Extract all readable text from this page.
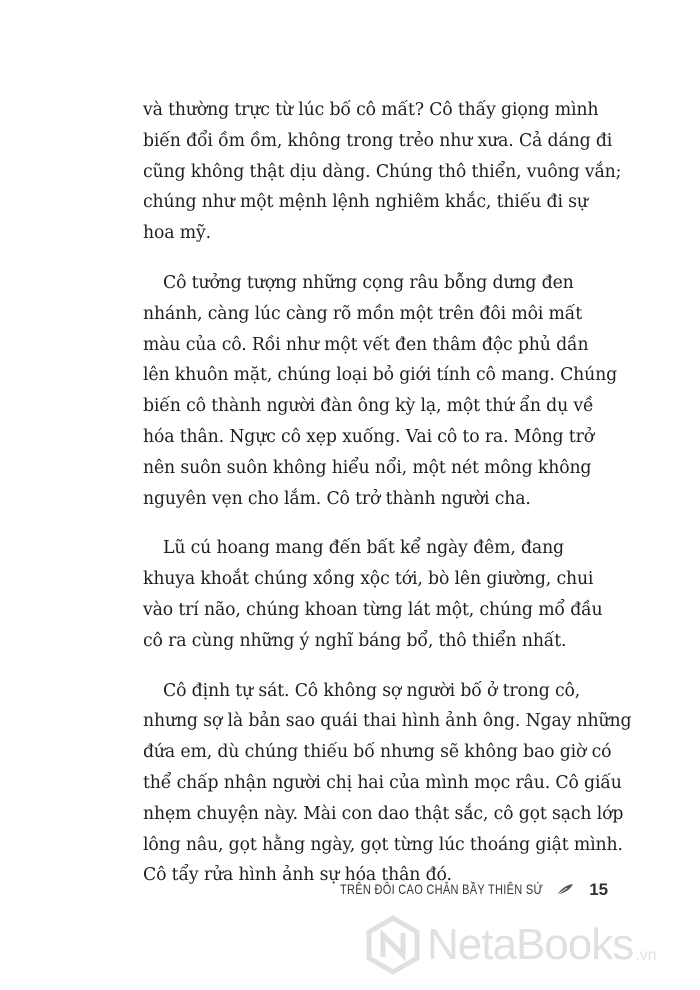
và thường trực từ lúc bố cô mất? Cô thấy giọng mình
biến đổi ồm ồm, không trong trẻo như xưa. Cả dáng đi
cũng không thật dịu dàng. Chúng thô thiển, vuông vắn;
chúng như một mệnh lệnh nghiêm khắc, thiếu đi sự
hoa mỹ.
Cô tưởng tượng những cọng râu bỗng dưng đen
nhánh, càng lúc càng rõ mồn một trên đôi môi mất
màu của cô. Rồi như một vết đen thâm độc phủ dần
lên khuôn mặt, chúng loại bỏ giới tính cô mang. Chúng
biến cô thành người đàn ông kỳ lạ, một thứ ẩn dụ về
hóa thân. Ngực cô xẹp xuống. Vai cô to ra. Mông trở
nên suôn suôn không hiểu nổi, một nét mông không
nguyên vẹn cho lắm. Cô trở thành người cha.
Lũ cú hoang mang đến bất kể ngày đêm, đang
khuya khoắt chúng xồng xộc tới, bò lên giường, chui
vào trí não, chúng khoan từng lát một, chúng mổ đầu
cô ra cùng những ý nghĩ báng bổ, thô thiển nhất.
Cô định tự sát. Cô không sợ người bố ở trong cô,
nhưng sợ là bản sao quái thai hình ảnh ông. Ngay những
đứa em, dù chúng thiếu bố nhưng sẽ không bao giờ có
thể chấp nhận người chị hai của mình mọc râu. Cô giấu
nhẹm chuyện này. Mài con dao thật sắc, cô gọt sạch lớp
lông nâu, gọt hằng ngày, gọt từng lúc thoáng giật mình.
Cô tẩy rửa hình ảnh sự hóa thân đó.
TRÊN ĐÔI CAO CHÂN BẦY THIÊN SỨ	15
NetaBooks .vn
